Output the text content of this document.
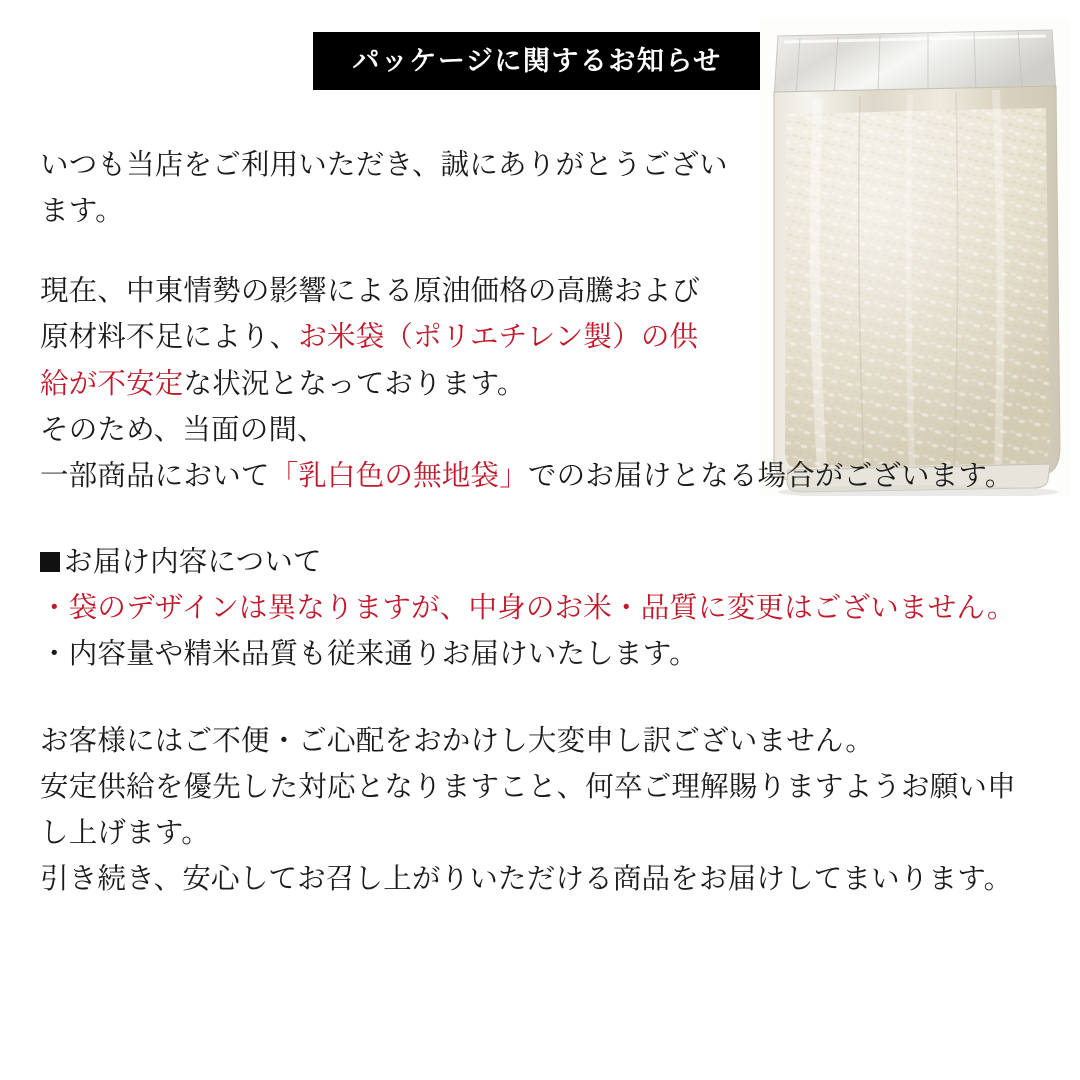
パッケージに関するお知らせ
いつも当店をご利用いただき、誠にありがとうござい
ます。
現在、中東情勢の影響による原油価格の高騰および
原材料不足により、お米袋（ポリエチレン製）の供
給が不安定な状況となっております。
そのため、当面の間、
一部商品において「乳白色の無地袋」でのお届けとなる場合がございます。
お届け内容について
・袋のデザインは異なりますが、中身のお米・品質に変更はございません。
・内容量や精米品質も従来通りお届けいたします。
お客様にはご不便・ご心配をおかけし大変申し訳ございません。
安定供給を優先した対応となりますこと、何卒ご理解賜りますようお願い申
し上げます。
引き続き、安心してお召し上がりいただける商品をお届けしてまいります。
